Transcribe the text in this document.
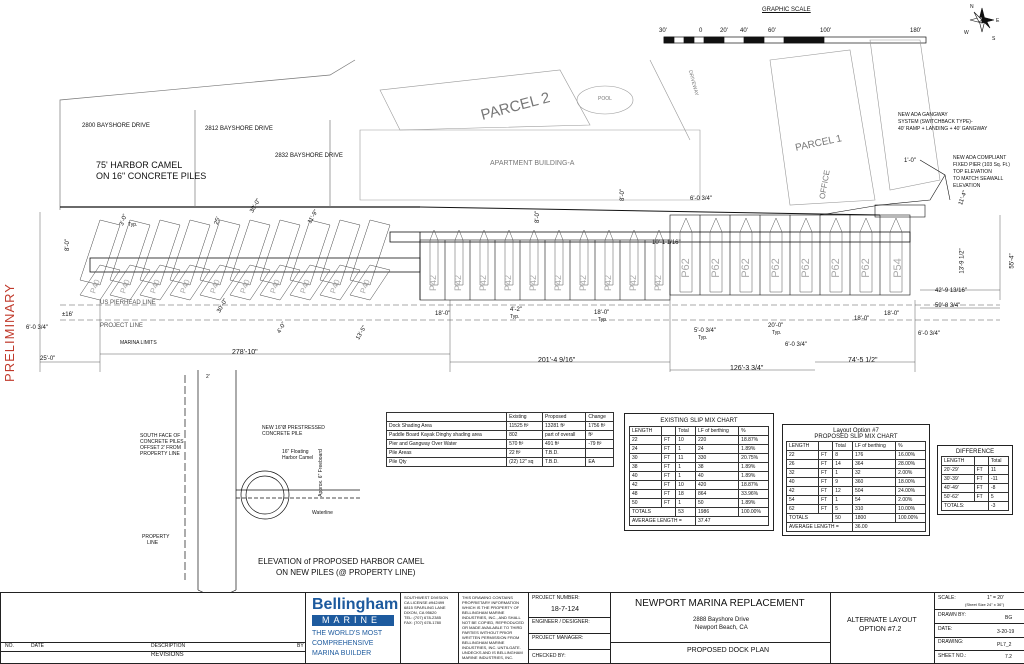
PRELIMINARY
GRAPHIC SCALE
30'	0	20' 40'	60'	100'	180'
N
E
S
W
PARCEL 2
PARCEL 1
POOL
DRIVEWAY
OFFICE
APARTMENT BUILDING-A
2800 BAYSHORE DRIVE	2812 BAYSHORE DRIVE
2832 BAYSHORE DRIVE
75' HARBOR CAMEL
ON 16" CONCRETE PILES
NEW ADA GANGWAY
SYSTEM (SWITCHBACK TYPE)-
40' RAMP + LANDING + 40' GANGWAY
NEW ADA COMPLIANT
FIXED PIER (103 Sq. Ft.)
TOP ELEVATION
TO MATCH SEAWALL
ELEVATION
US PIERHEAD LINE
PROJECT LINE
MARINA LIMITS
P40 P40 P40 P40 P40 P40 P40 P40 P40 P40	P42 P42 P42 P42 P42 P42 P42 P42 P42 P42
P62 P62 P62 P62 P62 P62 P62 P54
8'-0"
3'-0" Typ.	25'	11'-9"
30'-0"
±16'
25'-0"
6'-0 3/4"
278'-10"
201'-4 9/16"
126'-3 3/4"
74'-5 1/2"
18'-0"
4'-2"
Typ.
18'-0"
Typ.
5'-0 3/4"
Typ.
20'-0"
Typ.
6'-0 3/4"
6'-0 3/4"
18'-0"
18'-0"
10'-1 1/16"
6'-0 3/4"
42'-9 13/16"
59'-8 3/4"
55'-4"
13'-9 1/2"
11'-4"
1'-0"
13'-5"
4'-0"
30'-0"
8'-0"
8'-0"
2'
NEW 16"Ø PRESTRESSED
CONCRETE PILE
SOUTH FACE OF
CONCRETE PILES
OFFSET 2' FROM
PROPERTY LINE	16" Floating
Harbor Camel Approx. 6" Freeboard
Waterline
PROPERTY
LINE
ELEVATION of PROPOSED HARBOR CAMEL
ON NEW PILES (@ PROPERTY LINE)
	Existing	Proposed	Change
Dock Shading Area	11525 ft²	13281 ft²	1756 ft²
Paddle Board Kayak Dinghy shading area	802	part of overall	ft²
Pier and Gangway Over Water	570 ft²	491 ft²	-79 ft²
Pile Areas	22 ft²	T.B.D.	
Pile Qty	(22) 12" sq	T.B.D.	EA
EXISTING SLIP MIX CHART
LENGTH		Total	LF of berthing	%
22	FT	10	220	18.87%
24	FT	1	24	1.89%
30	FT	11	330	20.75%
38	FT	1	38	1.89%
40	FT	1	40	1.89%
42	FT	10	420	18.87%
48	FT	18	864	33.96%
50	FT	1	50	1.89%
TOTALS		53	1986	100.00%
AVERAGE LENGTH =			37.47	
Layout Option #7
PROPOSED SLIP MIX CHART
LENGTH		Total	LF of berthing	%
22	FT	8	176	16.00%
26	FT	14	364	28.00%
32	FT	1	32	2.00%
40	FT	9	360	18.00%
42	FT	12	504	24.00%
54	FT	1	54	2.00%
62	FT	5	310	10.00%
TOTALS		50	1800	100.00%
AVERAGE LENGTH =			36.00	
DIFFERENCE
LENGTH		Total
20'-29'	FT	11
30'-39'	FT	-11
40'-49'	FT	-8
50'-62'	FT	5
TOTALS:		-3
NO.	DATE	DESCRIPTION	BY
REVISIONS
Bellingham
MARINE
THE WORLD'S MOST
COMPREHENSIVE
MARINA BUILDER
SOUTHWEST DIVISION
CA LICENSE #942499
6815 SPARLING LANE
DIXON, CA 95620
TEL: (707) 678-2385
FAX: (707) 678-1780
THIS DRAWING CONTAINS
PROPRIETARY INFORMATION
WHICH IS THE PROPERTY OF
BELLINGHAM MARINE
INDUSTRIES, INC., AND SHALL
NOT BE COPIED, REPRODUCED
OR MADE AVAILABLE TO THIRD
PARTIES WITHOUT PRIOR
WRITTEN PERMISSION FROM
BELLINGHAM MARINE
INDUSTRIES, INC. UNTILGATE.
UNDECKS AND IS BELLINGHAM
MARINE INDUSTRIES, INC.
PROJECT NUMBER:
18-7-124
ENGINEER / DESIGNER:
PROJECT MANAGER:
CHECKED BY:
NEWPORT MARINA REPLACEMENT
2888 Bayshore Drive
Newport Beach, CA
PROPOSED DOCK PLAN
ALTERNATE LAYOUT
OPTION #7.2
SCALE:	1" = 20'
(Sheet Size 24" x 36")
DRAWN BY:	BG
DATE:	3-20-19
DRAWING:	PL7_2
SHEET NO.:	7.2
